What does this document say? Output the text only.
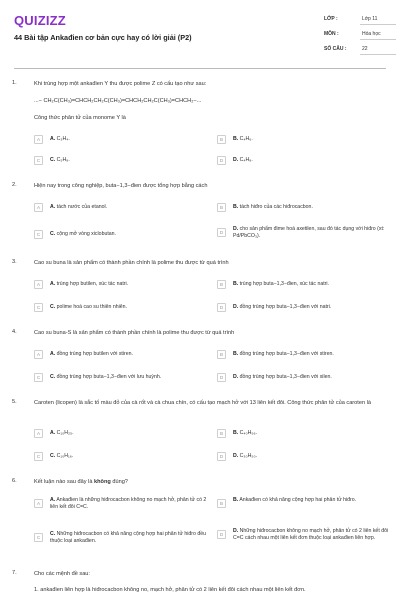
QUIZIZZ
44 Bài tập Ankađien cơ bản cực hay có lời giải (P2)
LỚP :	Lớp 11
MÔN :	Hóa học
SỐ CÂU :	22
1.	Khi trùng hợp một ankađien Y thu được polime Z có cấu tạo như sau:
...− CH₂C(CH₃)=CHCH₂CH₂C(CH₃)=CHCH₂CH₂C(CH₃)=CHCH₂−...
Công thức phân tử của monome Y là
A	A. C₃H₄.	B	B. C₄H₆.
C	C. C₅H₈.	D	D. C₄H₈.
2.	Hiện nay trong công nghiệp, buta−1,3−đien được tổng hợp bằng cách
A	A. tách nước của etanol.	B	B. tách hiđro của các hiđrocacbon.
C	C. cộng mở vòng xiclobutan.	D
D. cho sản phẩm đime hoá axetilen, sau đó tác dụng với hiđro (xt: Pd/PbCO₃).
3.	Cao su buna là sản phẩm có thành phần chính là polime thu được từ quá trình
A	A. trùng hợp butilen, xúc tác natri.	B	B. trùng hợp buta−1,3−đien, xúc tác natri.
C	C. polime hoá cao su thiên nhiên.	D	D. đồng trùng hợp buta−1,3−đien với natri.
4.	Cao su buna-S là sản phẩm có thành phần chính là polime thu được từ quá trình
A	A. đồng trùng hợp butilen với stiren.	B	B. đồng trùng hợp buta−1,3−đien với stiren.
C	C. đồng trùng hợp buta−1,3−đien với lưu huỳnh.	D	D. đồng trùng hợp buta−1,3−đien với xilen.
5.	Caroten (licopen) là sắc tố màu đỏ của cà rốt và cà chua chín, có cấu tạo mạch hở với 13 liên kết đôi. Công thức phân tử của caroten là
A	A. C₁₀H₂₅.	B	B. C₄₀H₅₆.
C	C. C₁₀H₁₆.	D	D. C₃₀H₅₀.
6.	Kết luận nào sau đây là không đúng?
A
A. Ankađien là những hiđrocacbon không no mạch hở, phân tử có 2 liên kết đôi C=C.
B
B. Ankađien có khả năng cộng hợp hai phân tử hiđro.
C
C. Những hiđrocacbon có khả năng cộng hợp hai phân tử hiđro đều thuộc loại ankađien.
D
D. Những hiđrocacbon không no mạch hở, phân tử có 2 liên kết đôi C=C cách nhau một liên kết đơn thuộc loại ankađien liên hợp.
7.	Cho các mệnh đề sau:
1. ankađien liên hợp là hiđrocacbon không no, mạch hở, phân tử có 2 liên kết đôi cách nhau một liên kết đơn.
